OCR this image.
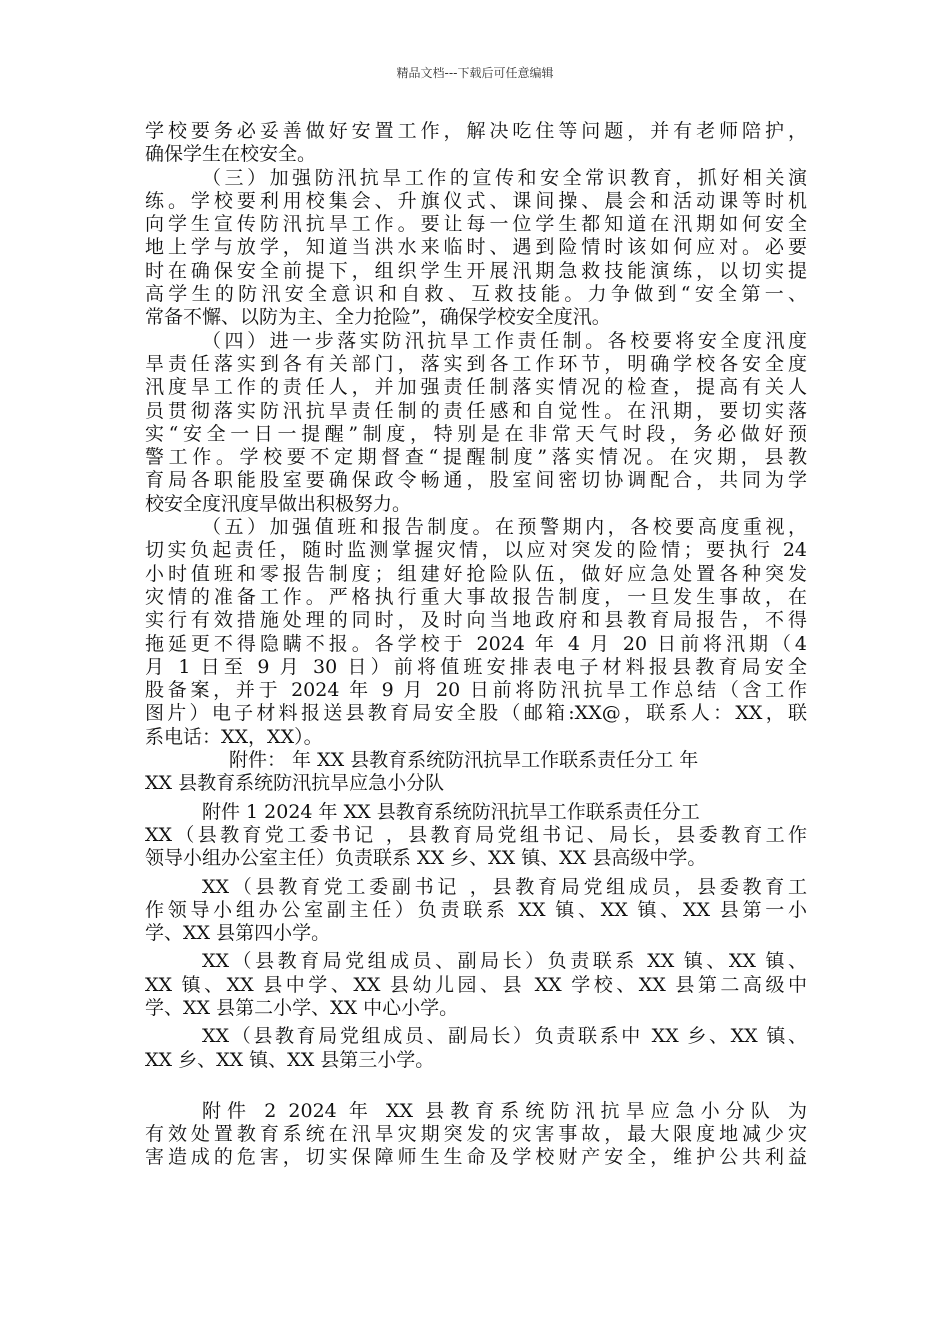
精品文档---下载后可任意编辑
学校要务必妥善做好安置工作，解决吃住等问题，并有老师陪护，
确保学生在校安全。
（三）加强防汛抗旱工作的宣传和安全常识教育，抓好相关演
练。学校要利用校集会、升旗仪式、课间操、晨会和活动课等时机
向学生宣传防汛抗旱工作。要让每一位学生都知道在汛期如何安全
地上学与放学，知道当洪水来临时、遇到险情时该如何应对。必要
时在确保安全前提下，组织学生开展汛期急救技能演练，以切实提
高学生的防汛安全意识和自救、互救技能。力争做到“安全第一、
常备不懈、以防为主、全力抢险”，确保学校安全度汛。
（四）进一步落实防汛抗旱工作责任制。各校要将安全度汛度
旱责任落实到各有关部门，落实到各工作环节，明确学校各安全度
汛度旱工作的责任人，并加强责任制落实情况的检查，提高有关人
员贯彻落实防汛抗旱责任制的责任感和自觉性。在汛期，要切实落
实“安全一日一提醒”制度，特别是在非常天气时段，务必做好预
警工作。学校要不定期督查“提醒制度”落实情况。在灾期，县教
育局各职能股室要确保政令畅通，股室间密切协调配合，共同为学
校安全度汛度旱做出积极努力。
（五）加强值班和报告制度。在预警期内，各校要高度重视，
切实负起责任，随时监测掌握灾情，以应对突发的险情；要执行 24
小时值班和零报告制度；组建好抢险队伍，做好应急处置各种突发
灾情的准备工作。严格执行重大事故报告制度，一旦发生事故，在
实行有效措施处理的同时，及时向当地政府和县教育局报告，不得
拖延更不得隐瞒不报。各学校于 2024 年 4 月 20 日前将汛期（4
月 1 日至 9 月 30 日）前将值班安排表电子材料报县教育局安全
股备案，并于 2024 年 9 月 20 日前将防汛抗旱工作总结（含工作
图片）电子材料报送县教育局安全股（邮箱:XX@，联系人：XX，联
系电话：XX，XX）。
附件： 年 XX 县教育系统防汛抗旱工作联系责任分工 年
XX 县教育系统防汛抗旱应急小分队
附件 1 2024 年 XX 县教育系统防汛抗旱工作联系责任分工
XX（县教育党工委书记 ，县教育局党组书记、局长，县委教育工作
领导小组办公室主任）负责联系 XX 乡、XX 镇、XX 县高级中学。
XX（县教育党工委副书记 ，县教育局党组成员，县委教育工
作领导小组办公室副主任）负责联系 XX 镇、XX 镇、XX 县第一小
学、XX 县第四小学。
XX（县教育局党组成员、副局长）负责联系 XX 镇、XX 镇、
XX 镇、XX 县中学、XX 县幼儿园、县 XX 学校、XX 县第二高级中
学、XX 县第二小学、XX 中心小学。
XX（县教育局党组成员、副局长）负责联系中 XX 乡、XX 镇、
XX 乡、XX 镇、XX 县第三小学。
附件 2 2024 年 XX 县教育系统防汛抗旱应急小分队 为
有效处置教育系统在汛旱灾期突发的灾害事故，最大限度地减少灾
害造成的危害，切实保障师生生命及学校财产安全，维护公共利益
